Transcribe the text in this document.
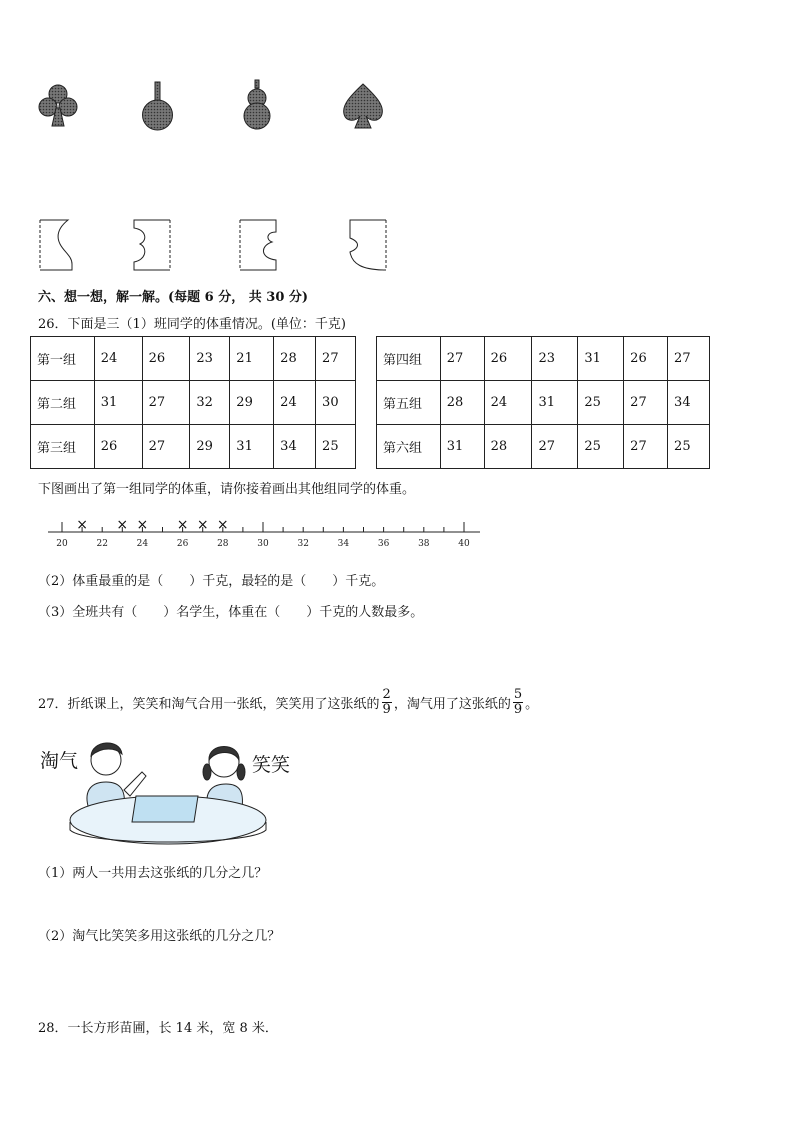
六、想一想，解一解。(每题 6 分， 共 30 分)
26．下面是三（1）班同学的体重情况。(单位：千克)
第一组	24	26	23	21	28	27
第二组	31	27	32	29	24	30
第三组	26	27	29	31	34	25
第四组	27	26	23	31	26	27
第五组	28	24	31	25	27	34
第六组	31	28	27	25	27	25
下图画出了第一组同学的体重，请你接着画出其他组同学的体重。
20	22	24	26	28	30	32	34	36	38	40
× × × × × ×
（2）体重最重的是（　　）千克，最轻的是（　　）千克。
（3）全班共有（　　）名学生，体重在（　　）千克的人数最多。
27．折纸课上，笑笑和淘气合用一张纸，笑笑用了这张纸的 $\frac{2}{9}$ ，淘气用了这张纸的 $\frac{5}{9}$ 。
淘气	笑笑
（1）两人一共用去这张纸的几分之几？
（2）淘气比笑笑多用这张纸的几分之几？
28．一长方形苗圃，长 14 米，宽 8 米．
